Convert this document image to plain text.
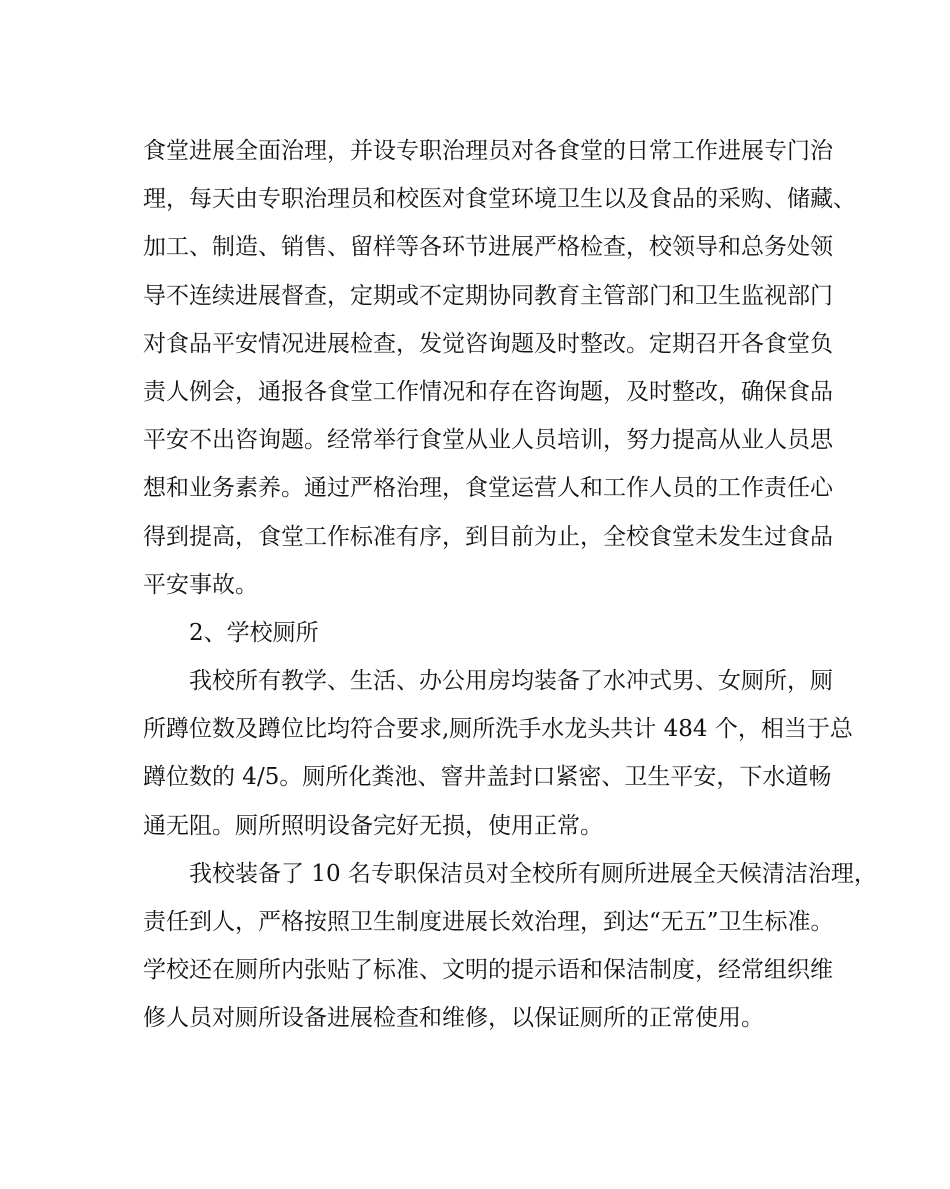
食堂进展全面治理，并设专职治理员对各食堂的日常工作进展专门治
理，每天由专职治理员和校医对食堂环境卫生以及食品的采购、储藏、
加工、制造、销售、留样等各环节进展严格检查，校领导和总务处领
导不连续进展督查，定期或不定期协同教育主管部门和卫生监视部门
对食品平安情况进展检查，发觉咨询题及时整改。定期召开各食堂负
责人例会，通报各食堂工作情况和存在咨询题，及时整改，确保食品
平安不出咨询题。经常举行食堂从业人员培训，努力提高从业人员思
想和业务素养。通过严格治理，食堂运营人和工作人员的工作责任心
得到提高，食堂工作标准有序，到目前为止，全校食堂未发生过食品
平安事故。
2、学校厕所
我校所有教学、生活、办公用房均装备了水冲式男、女厕所，厕
所蹲位数及蹲位比均符合要求,厕所洗手水龙头共计 484 个，相当于总
蹲位数的 4/5。厕所化粪池、窨井盖封口紧密、卫生平安，下水道畅
通无阻。厕所照明设备完好无损，使用正常。
我校装备了 10 名专职保洁员对全校所有厕所进展全天候清洁治理，
责任到人，严格按照卫生制度进展长效治理，到达“无五”卫生标准。
学校还在厕所内张贴了标准、文明的提示语和保洁制度，经常组织维
修人员对厕所设备进展检查和维修，以保证厕所的正常使用。
